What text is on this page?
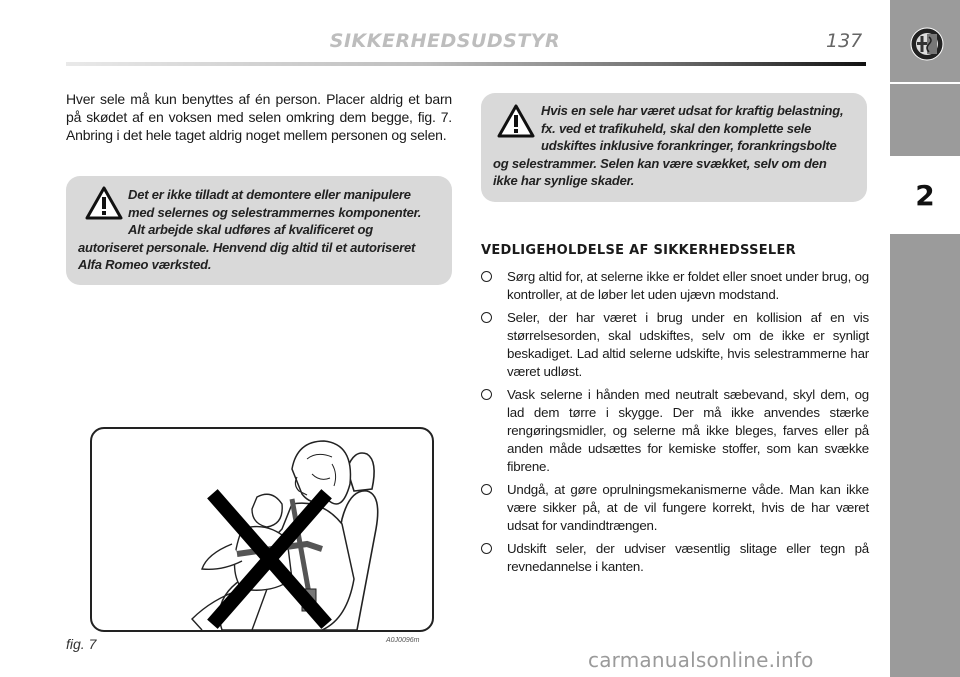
SIKKERHEDSUDSTYR	137
2
Hver sele må kun benyttes af én person. Placer aldrig et barn på skødet af en voksen med selen omkring dem begge, fig. 7. Anbring i det hele taget aldrig noget mellem personen og selen.
Det er ikke tilladt at demontere eller manipulere med selernes og selestrammernes komponenter. Alt arbejde skal udføres af kvalificeret og autoriseret personale. Henvend dig altid til et autoriseret Alfa Romeo værksted.
Hvis en sele har været udsat for kraftig belastning, fx. ved et trafikuheld, skal den komplette sele udskiftes inklusive forankringer, forankringsbolte og selestrammer. Selen kan være svækket, selv om den ikke har synlige skader.
VEDLIGEHOLDELSE AF SIKKERHEDSSELER
Sørg altid for, at selerne ikke er foldet eller snoet under brug, og kontroller, at de løber let uden ujævn modstand.
Seler, der har været i brug under en kollision af en vis størrelsesorden, skal udskiftes, selv om de ikke er synligt beskadiget. Lad altid selerne udskifte, hvis selestrammerne har været udløst.
Vask selerne i hånden med neutralt sæbevand, skyl dem, og lad dem tørre i skygge. Der må ikke anvendes stærke rengøringsmidler, og selerne må ikke bleges, farves eller på anden måde udsættes for kemiske stoffer, som kan svække fibrene.
Undgå, at gøre oprulningsmekanismerne våde. Man kan ikke være sikker på, at de vil fungere korrekt, hvis de har været udsat for vandindtrængen.
Udskift seler, der udviser væsentlig slitage eller tegn på revnedannelse i kanten.
fig. 7	A0J0096m
carmanualsonline.info
